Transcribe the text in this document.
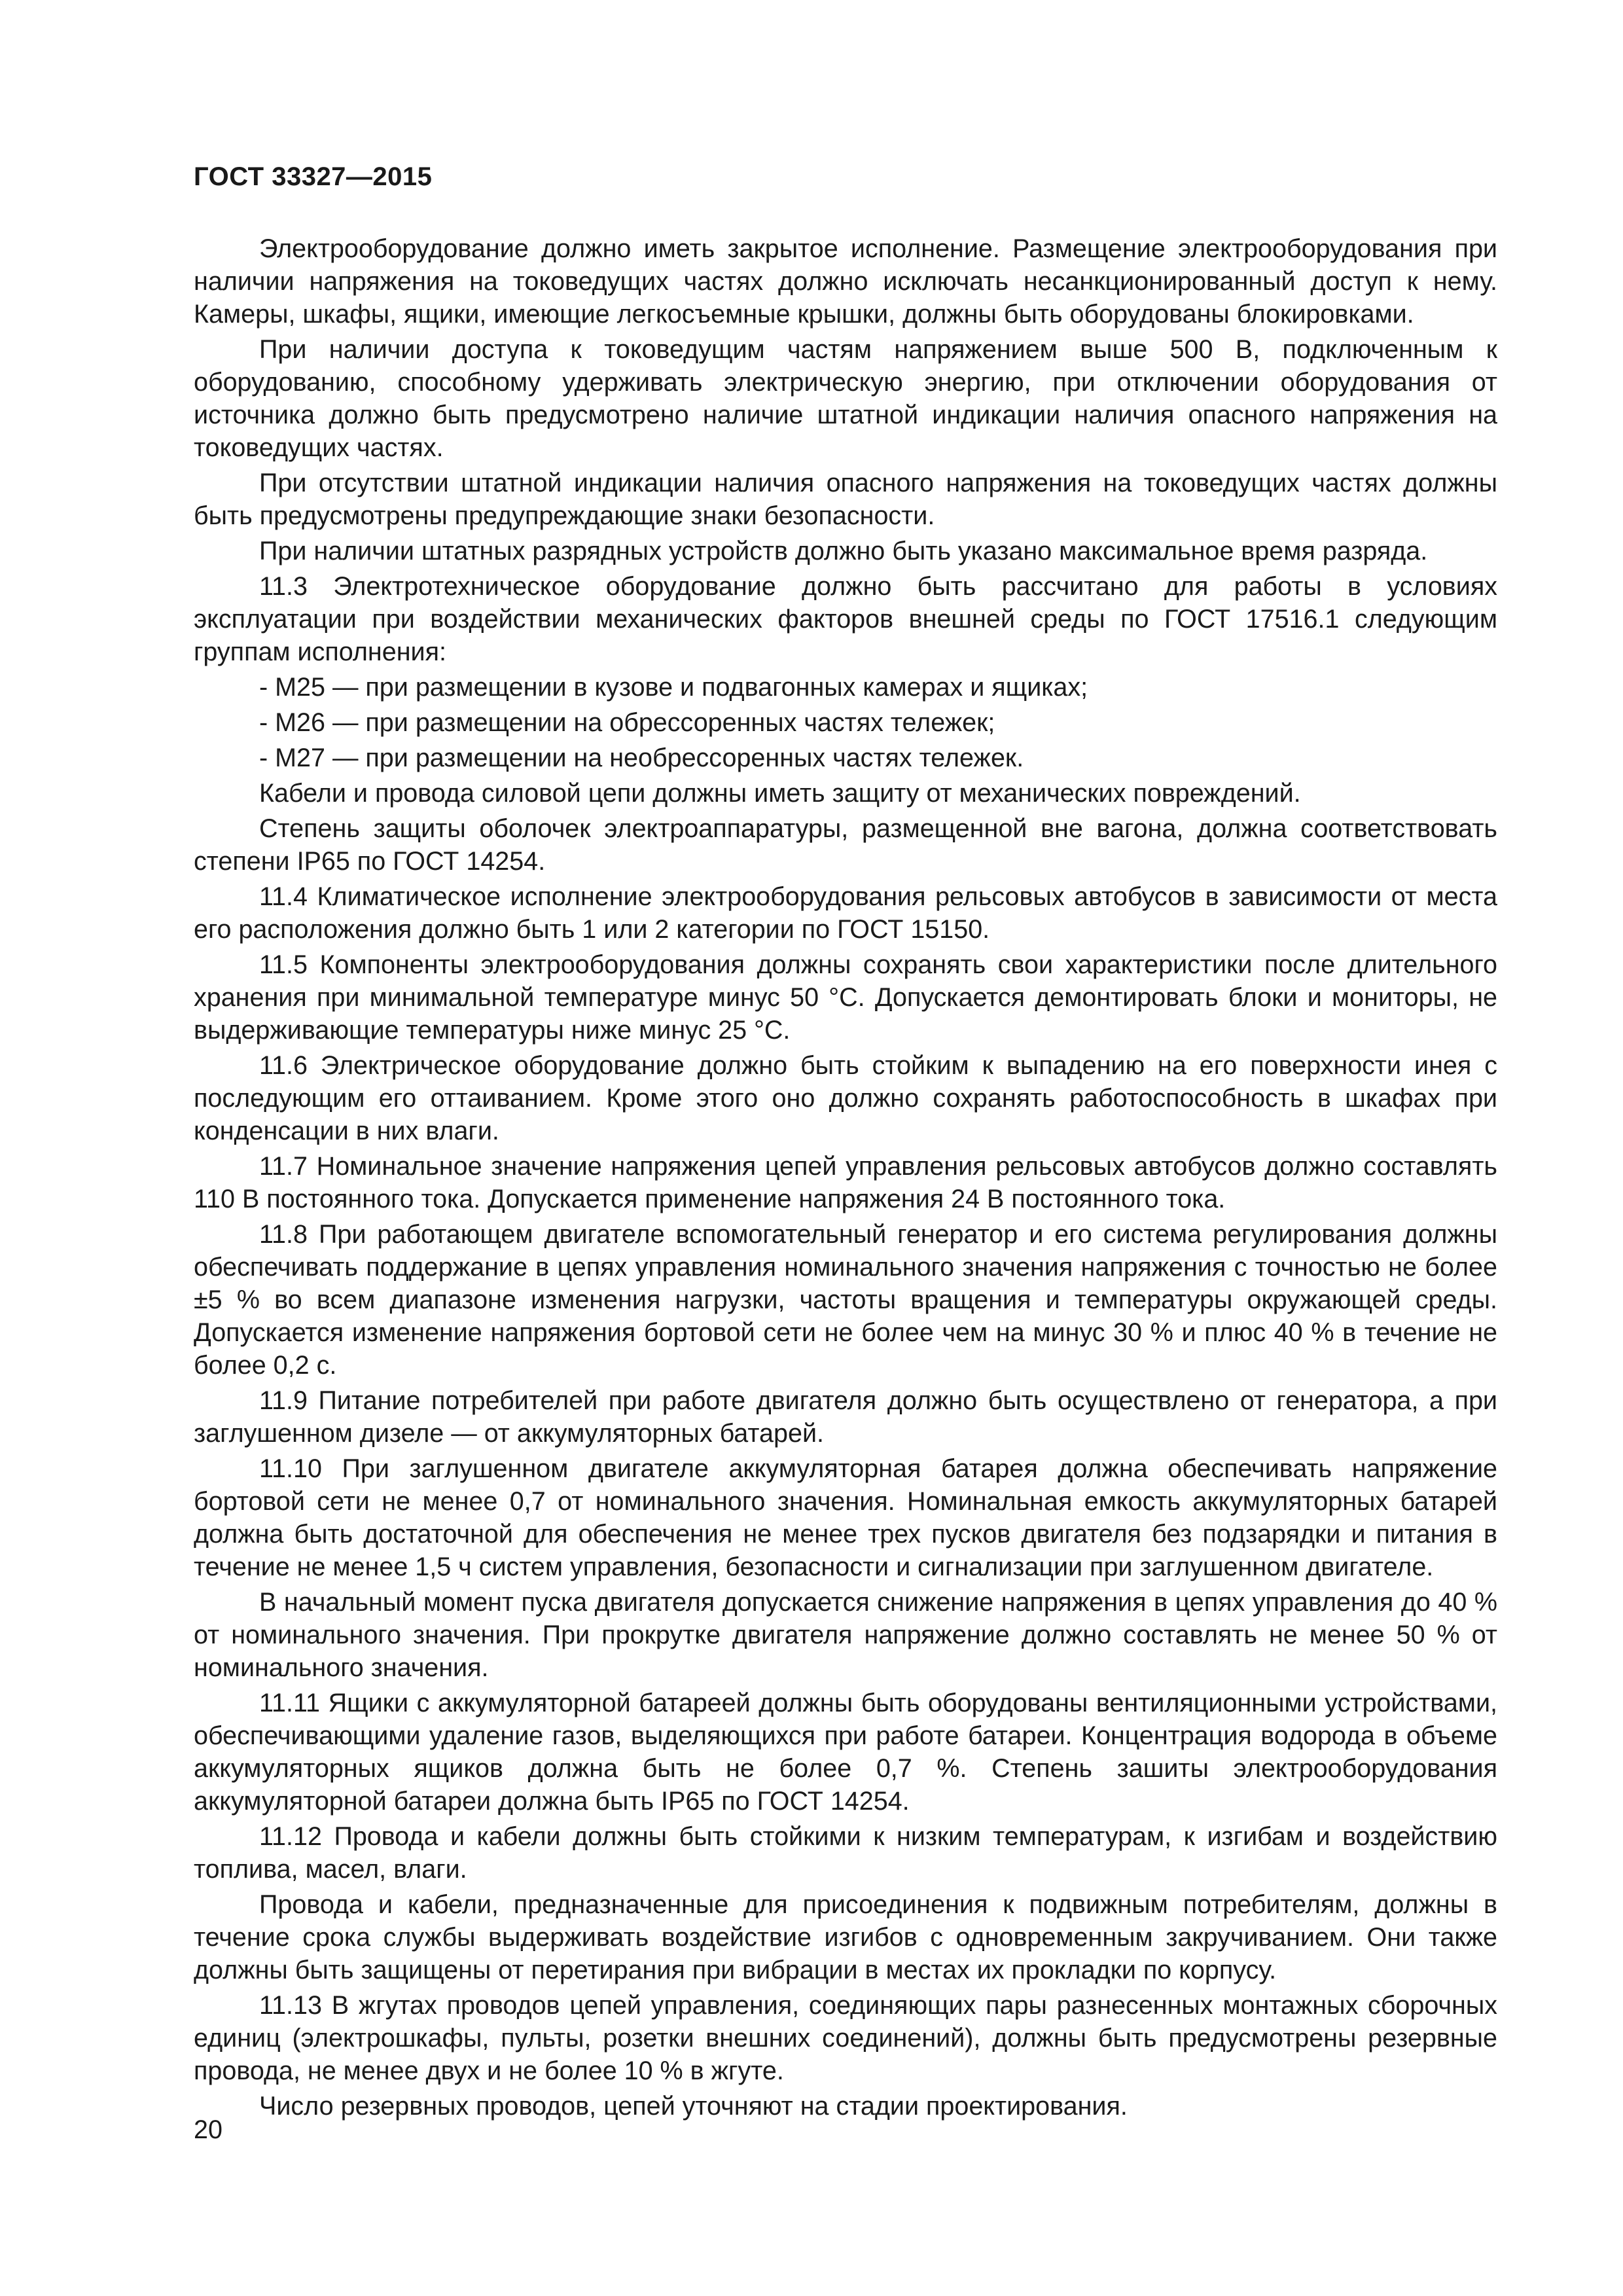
ГОСТ 33327—2015

Электрооборудование должно иметь закрытое исполнение. Размещение электрооборудования при наличии напряжения на токоведущих частях должно исключать несанкционированный доступ к нему. Камеры, шкафы, ящики, имеющие легкосъемные крышки, должны быть оборудованы блокировками.

При наличии доступа к токоведущим частям напряжением выше 500 В, подключенным к оборудованию, способному удерживать электрическую энергию, при отключении оборудования от источника должно быть предусмотрено наличие штатной индикации наличия опасного напряжения на токоведущих частях.

При отсутствии штатной индикации наличия опасного напряжения на токоведущих частях должны быть предусмотрены предупреждающие знаки безопасности.

При наличии штатных разрядных устройств должно быть указано максимальное время разряда.

11.3 Электротехническое оборудование должно быть рассчитано для работы в условиях эксплуатации при воздействии механических факторов внешней среды по ГОСТ 17516.1 следующим группам исполнения:

- M25 — при размещении в кузове и подвагонных камерах и ящиках;

- M26 — при размещении на обрессоренных частях тележек;

- M27 — при размещении на необрессоренных частях тележек.

Кабели и провода силовой цепи должны иметь защиту от механических повреждений.

Степень защиты оболочек электроаппаратуры, размещенной вне вагона, должна соответствовать степени IP65 по ГОСТ 14254.

11.4 Климатическое исполнение электрооборудования рельсовых автобусов в зависимости от места его расположения должно быть 1 или 2 категории по ГОСТ 15150.

11.5 Компоненты электрооборудования должны сохранять свои характеристики после длительного хранения при минимальной температуре минус 50 °С. Допускается демонтировать блоки и мониторы, не выдерживающие температуры ниже минус 25 °С.

11.6 Электрическое оборудование должно быть стойким к выпадению на его поверхности инея с последующим его оттаиванием. Кроме этого оно должно сохранять работоспособность в шкафах при конденсации в них влаги.

11.7 Номинальное значение напряжения цепей управления рельсовых автобусов должно составлять 110 В постоянного тока. Допускается применение напряжения 24 В постоянного тока.

11.8 При работающем двигателе вспомогательный генератор и его система регулирования должны обеспечивать поддержание в цепях управления номинального значения напряжения с точностью не более ±5 % во всем диапазоне изменения нагрузки, частоты вращения и температуры окружающей среды. Допускается изменение напряжения бортовой сети не более чем на минус 30 % и плюс 40 % в течение не более 0,2 с.

11.9 Питание потребителей при работе двигателя должно быть осуществлено от генератора, а при заглушенном дизеле — от аккумуляторных батарей.

11.10 При заглушенном двигателе аккумуляторная батарея должна обеспечивать напряжение бортовой сети не менее 0,7 от номинального значения. Номинальная емкость аккумуляторных батарей должна быть достаточной для обеспечения не менее трех пусков двигателя без подзарядки и питания в течение не менее 1,5 ч систем управления, безопасности и сигнализации при заглушенном двигателе.

В начальный момент пуска двигателя допускается снижение напряжения в цепях управления до 40 % от номинального значения. При прокрутке двигателя напряжение должно составлять не менее 50 % от номинального значения.

11.11 Ящики с аккумуляторной батареей должны быть оборудованы вентиляционными устройствами, обеспечивающими удаление газов, выделяющихся при работе батареи. Концентрация водорода в объеме аккумуляторных ящиков должна быть не более 0,7 %. Степень зашиты электрооборудования аккумуляторной батареи должна быть IP65 по ГОСТ 14254.

11.12 Провода и кабели должны быть стойкими к низким температурам, к изгибам и воздействию топлива, масел, влаги.

Провода и кабели, предназначенные для присоединения к подвижным потребителям, должны в течение срока службы выдерживать воздействие изгибов с одновременным закручиванием. Они также должны быть защищены от перетирания при вибрации в местах их прокладки по корпусу.

11.13 В жгутах проводов цепей управления, соединяющих пары разнесенных монтажных сборочных единиц (электрошкафы, пульты, розетки внешних соединений), должны быть предусмотрены резервные провода, не менее двух и не более 10 % в жгуте.

Число резервных проводов, цепей уточняют на стадии проектирования.

20
